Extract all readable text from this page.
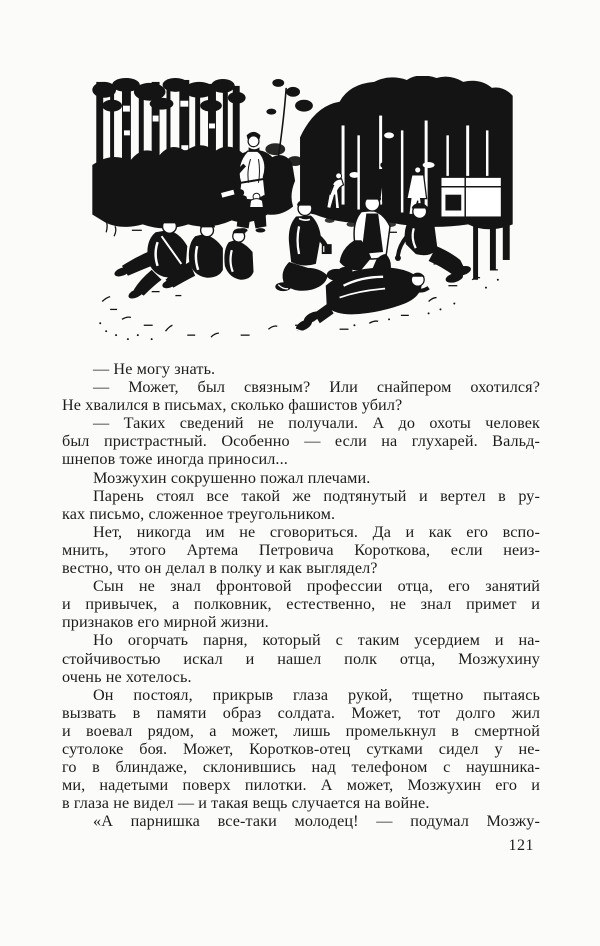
— Не могу знать.
— Может, был связным? Или снайпером охотился?
Не хвалился в письмах, сколько фашистов убил?
— Таких сведений не получали. А до охоты человек
был пристрастный. Особенно — если на глухарей. Вальд-
шнепов тоже иногда приносил...
Мозжухин сокрушенно пожал плечами.
Парень стоял все такой же подтянутый и вертел в ру-
ках письмо, сложенное треугольником.
Нет, никогда им не сговориться. Да и как его вспо-
мнить, этого Артема Петровича Короткова, если неиз-
вестно, что он делал в полку и как выглядел?
Сын не знал фронтовой профессии отца, его занятий
и привычек, а полковник, естественно, не знал примет и
признаков его мирной жизни.
Но огорчать парня, который с таким усердием и на-
стойчивостью искал и нашел полк отца, Мозжухину
очень не хотелось.
Он постоял, прикрыв глаза рукой, тщетно пытаясь
вызвать в памяти образ солдата. Может, тот долго жил
и воевал рядом, а может, лишь промелькнул в смертной
сутолоке боя. Может, Коротков-отец сутками сидел у не-
го в блиндаже, склонившись над телефоном с наушника-
ми, надетыми поверх пилотки. А может, Мозжухин его и
в глаза не видел — и такая вещь случается на войне.
«А парнишка все-таки молодец! — подумал Мозжу-
121
